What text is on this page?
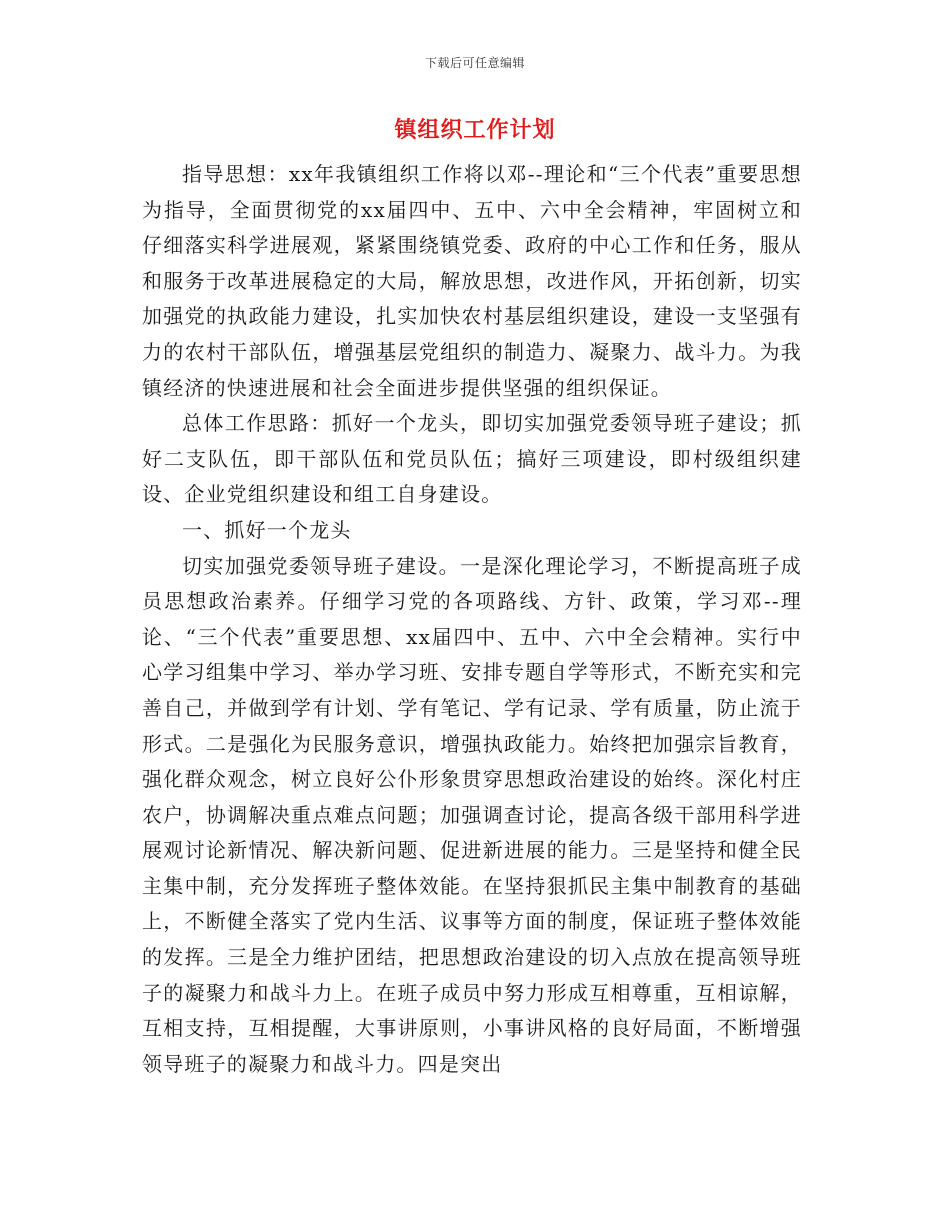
下载后可任意编辑
镇组织工作计划

指导思想：xx年我镇组织工作将以邓--理论和“三个代表”重要思想为指导，全面贯彻党的xx届四中、五中、六中全会精神，牢固树立和仔细落实科学进展观，紧紧围绕镇党委、政府的中心工作和任务，服从和服务于改革进展稳定的大局，解放思想，改进作风，开拓创新，切实加强党的执政能力建设，扎实加快农村基层组织建设，建设一支坚强有力的农村干部队伍，增强基层党组织的制造力、凝聚力、战斗力。为我镇经济的快速进展和社会全面进步提供坚强的组织保证。

总体工作思路：抓好一个龙头，即切实加强党委领导班子建设；抓好二支队伍，即干部队伍和党员队伍；搞好三项建设，即村级组织建设、企业党组织建设和组工自身建设。

一、抓好一个龙头

切实加强党委领导班子建设。一是深化理论学习，不断提高班子成员思想政治素养。仔细学习党的各项路线、方针、政策，学习邓--理论、“三个代表”重要思想、xx届四中、五中、六中全会精神。实行中心学习组集中学习、举办学习班、安排专题自学等形式，不断充实和完善自己，并做到学有计划、学有笔记、学有记录、学有质量，防止流于形式。二是强化为民服务意识，增强执政能力。始终把加强宗旨教育，强化群众观念，树立良好公仆形象贯穿思想政治建设的始终。深化村庄农户，协调解决重点难点问题；加强调查讨论，提高各级干部用科学进展观讨论新情况、解决新问题、促进新进展的能力。三是坚持和健全民主集中制，充分发挥班子整体效能。在坚持狠抓民主集中制教育的基础上，不断健全落实了党内生活、议事等方面的制度，保证班子整体效能的发挥。三是全力维护团结，把思想政治建设的切入点放在提高领导班子的凝聚力和战斗力上。在班子成员中努力形成互相尊重，互相谅解，互相支持，互相提醒，大事讲原则，小事讲风格的良好局面，不断增强领导班子的凝聚力和战斗力。四是突出
